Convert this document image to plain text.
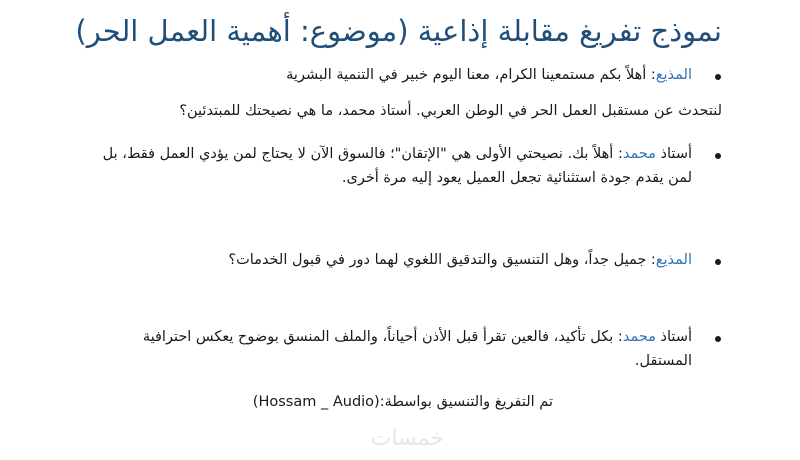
نموذج تفريغ مقابلة إذاعية (موضوع: أهمية العمل الحر)

المذيع: أهلاً بكم مستمعينا الكرام، معنا اليوم خبير في التنمية البشرية

لنتحدث عن مستقبل العمل الحر في الوطن العربي. أستاذ محمد، ما هي نصيحتك للمبتدئين؟

أستاذ محمد: أهلاً بك. نصيحتي الأولى هي "الإتقان"؛ فالسوق الآن لا يحتاج لمن يؤدي العمل فقط، بل لمن يقدم جودة استثنائية تجعل العميل يعود إليه مرة أخرى.

المذيع: جميل جداً، وهل التنسيق والتدقيق اللغوي لهما دور في قبول الخدمات؟

أستاذ محمد: بكل تأكيد، فالعين تقرأ قبل الأذن أحياناً، والملف المنسق بوضوح يعكس احترافية المستقل.

تم التفريغ والتنسيق بواسطة:(Hossam _ Audio)

خمسات
